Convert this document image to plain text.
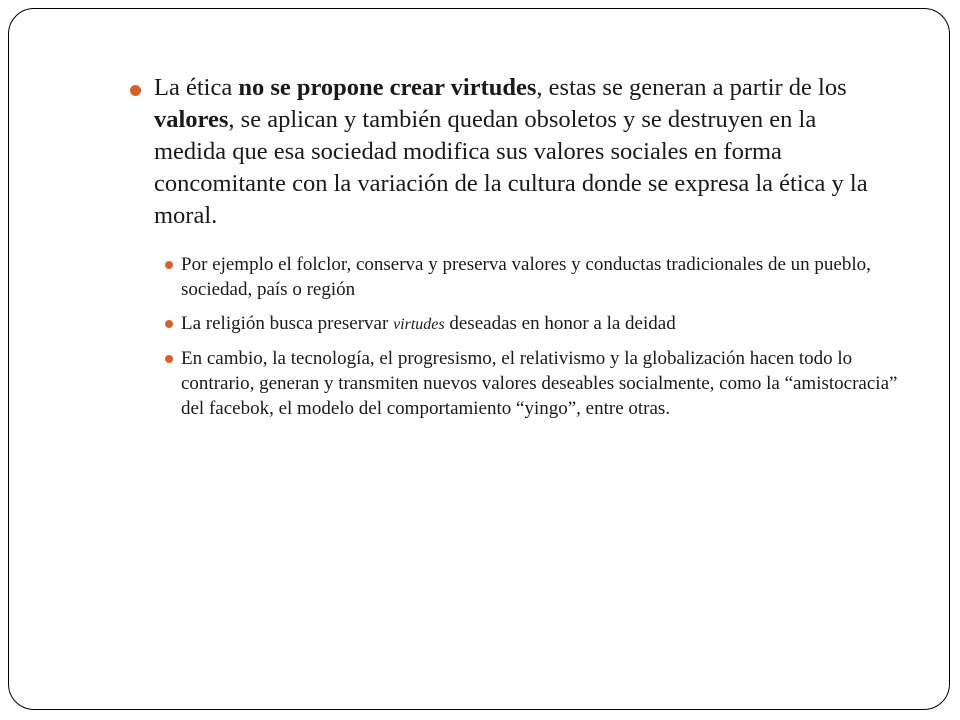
La ética no se propone crear virtudes, estas se generan a partir de los valores, se aplican y también quedan obsoletos y se destruyen en la medida que esa sociedad modifica sus valores sociales en forma concomitante con la variación de la cultura donde se expresa la ética y la moral.
Por ejemplo el folclor, conserva y preserva valores y conductas tradicionales de un pueblo, sociedad, país o región
La religión busca preservar virtudes deseadas en honor a la deidad
En cambio, la tecnología, el progresismo, el relativismo y la globalización hacen todo lo contrario, generan y transmiten nuevos valores deseables socialmente, como la “amistocracia” del facebok, el modelo del comportamiento “yingo”, entre otras.
